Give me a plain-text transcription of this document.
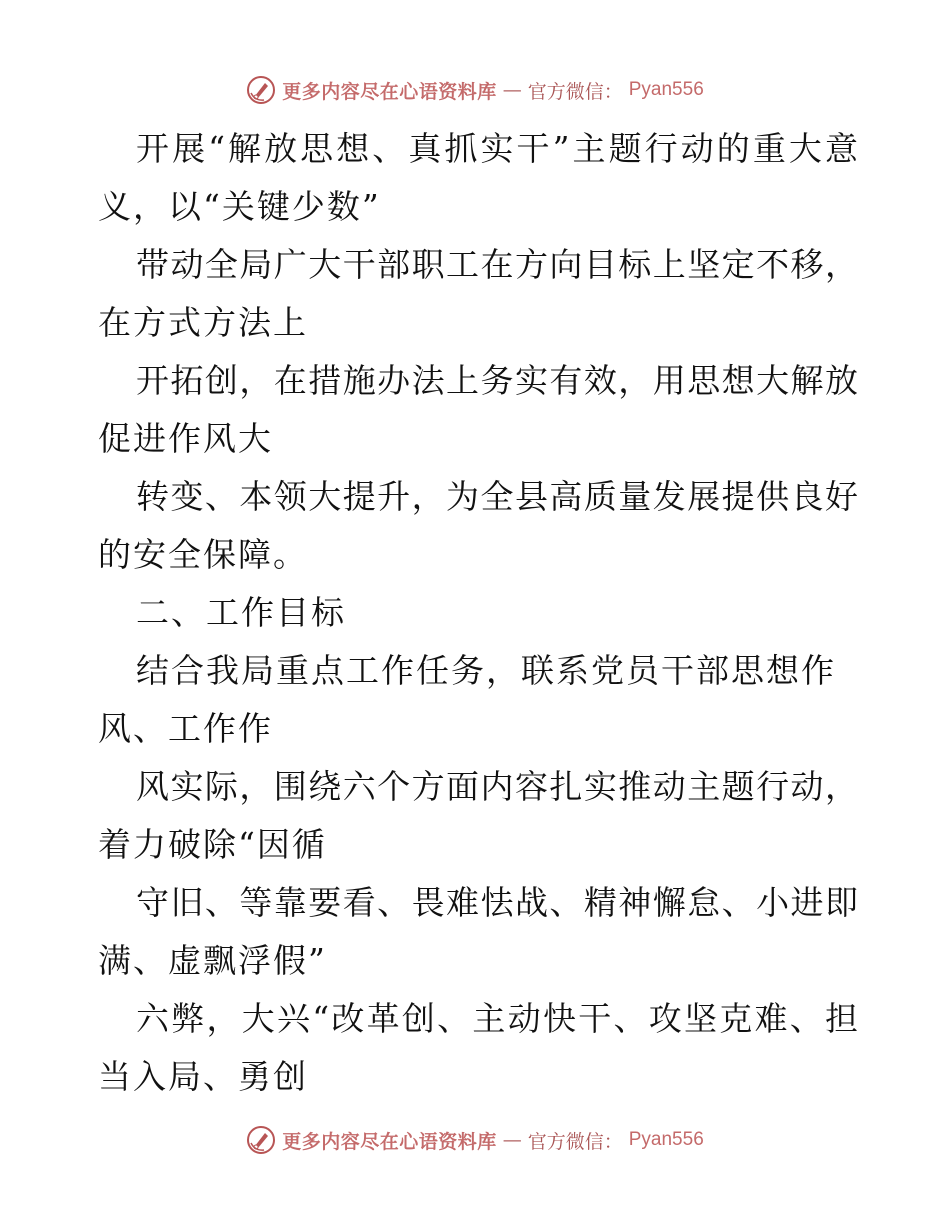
更多内容尽在心语资料库 — 官方微信： Pyan556
开展“解放思想、真抓实干”主题行动的重大意
义，以“关键少数”
带动全局广大干部职工在方向目标上坚定不移，
在方式方法上
开拓创，在措施办法上务实有效，用思想大解放
促进作风大
转变、本领大提升，为全县高质量发展提供良好
的安全保障。
二、工作目标
结合我局重点工作任务，联系党员干部思想作
风、工作作
风实际，围绕六个方面内容扎实推动主题行动，
着力破除“因循
守旧、等靠要看、畏难怯战、精神懈怠、小进即
满、虚飘浮假”
六弊，大兴“改革创、主动快干、攻坚克难、担
当入局、勇创
更多内容尽在心语资料库 — 官方微信： Pyan556
